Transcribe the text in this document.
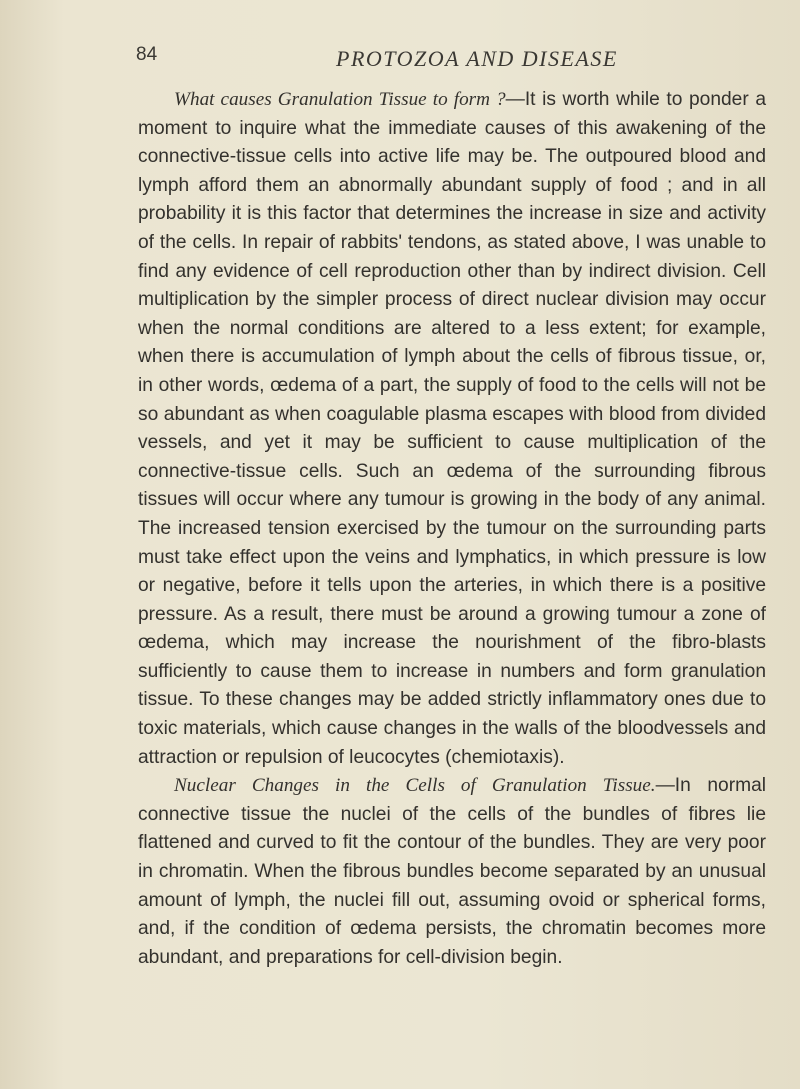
84	PROTOZOA AND DISEASE

What causes Granulation Tissue to form ?—It is worth while to ponder a moment to inquire what the immediate causes of this awakening of the connective-tissue cells into active life may be. The outpoured blood and lymph afford them an abnormally abundant supply of food ; and in all probability it is this factor that determines the increase in size and activity of the cells. In repair of rabbits' tendons, as stated above, I was unable to find any evidence of cell reproduction other than by indirect division. Cell multiplication by the simpler process of direct nuclear division may occur when the normal conditions are altered to a less extent; for example, when there is accumulation of lymph about the cells of fibrous tissue, or, in other words, œdema of a part, the supply of food to the cells will not be so abundant as when coagulable plasma escapes with blood from divided vessels, and yet it may be sufficient to cause multiplication of the connective-tissue cells. Such an œdema of the surrounding fibrous tissues will occur where any tumour is growing in the body of any animal. The increased tension exercised by the tumour on the surrounding parts must take effect upon the veins and lymphatics, in which pressure is low or negative, before it tells upon the arteries, in which there is a positive pressure. As a result, there must be around a growing tumour a zone of œdema, which may increase the nourishment of the fibro-blasts sufficiently to cause them to increase in numbers and form granulation tissue. To these changes may be added strictly inflammatory ones due to toxic materials, which cause changes in the walls of the bloodvessels and attraction or repulsion of leucocytes (chemiotaxis).

Nuclear Changes in the Cells of Granulation Tissue.—In normal connective tissue the nuclei of the cells of the bundles of fibres lie flattened and curved to fit the contour of the bundles. They are very poor in chromatin. When the fibrous bundles become separated by an unusual amount of lymph, the nuclei fill out, assuming ovoid or spherical forms, and, if the condition of œdema persists, the chromatin becomes more abundant, and preparations for cell-division begin.
